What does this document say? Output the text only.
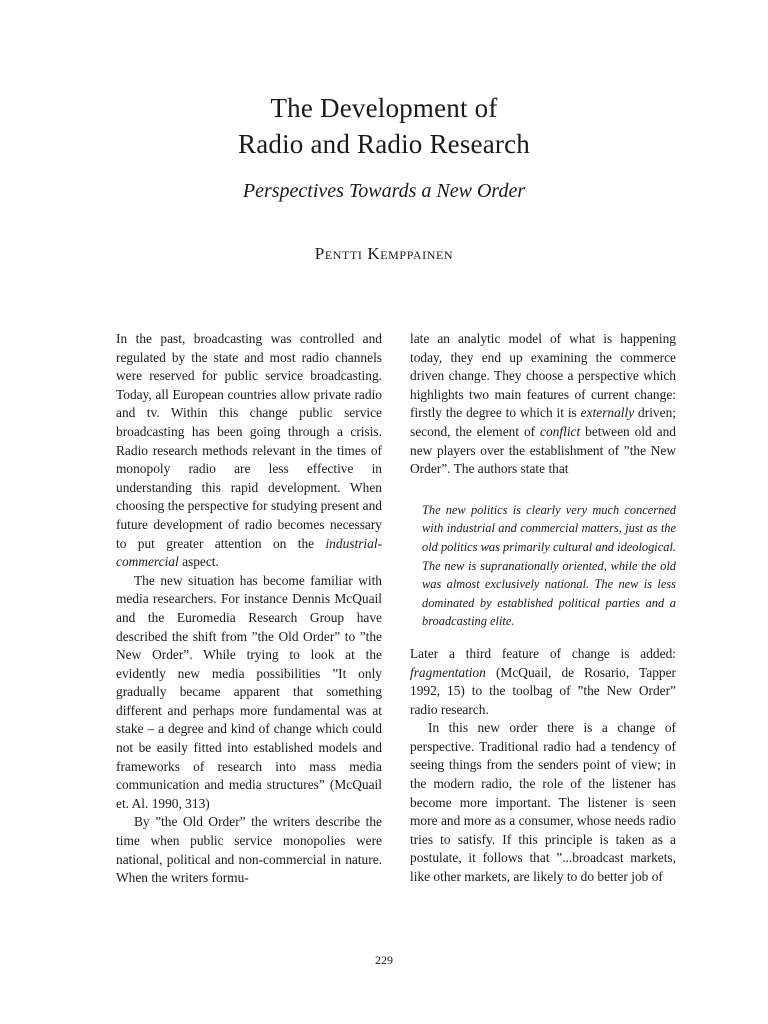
The Development of
Radio and Radio Research
Perspectives Towards a New Order
Pentti Kemppainen

In the past, broadcasting was controlled and regulated by the state and most radio channels were reserved for public service broadcasting. Today, all European countries allow private radio and tv. Within this change public service broadcasting has been going through a crisis. Radio research methods relevant in the times of monopoly radio are less effective in understanding this rapid development. When choosing the perspective for studying present and future development of radio becomes necessary to put greater attention on the industrial-commercial aspect.

The new situation has become familiar with media researchers. For instance Dennis McQuail and the Euromedia Research Group have described the shift from ”the Old Order” to ”the New Order”. While trying to look at the evidently new media possibilities ”It only gradually became apparent that something different and perhaps more fundamental was at stake – a degree and kind of change which could not be easily fitted into established models and frameworks of research into mass media communication and media structures” (McQuail et. Al. 1990, 313)

By ”the Old Order” the writers describe the time when public service monopolies were national, political and non-commercial in nature. When the writers formu-

late an analytic model of what is happening today, they end up examining the commerce driven change. They choose a perspective which highlights two main features of current change: firstly the degree to which it is externally driven; second, the element of conflict between old and new players over the establishment of ”the New Order”. The authors state that

The new politics is clearly very much concerned with industrial and commercial matters, just as the old politics was primarily cultural and ideological. The new is supranationally oriented, while the old was almost exclusively national. The new is less dominated by established political parties and a broadcasting elite.

Later a third feature of change is added: fragmentation (McQuail, de Rosario, Tapper 1992, 15) to the toolbag of ”the New Order” radio research.

In this new order there is a change of perspective. Traditional radio had a tendency of seeing things from the senders point of view; in the modern radio, the role of the listener has become more important. The listener is seen more and more as a consumer, whose needs radio tries to satisfy. If this principle is taken as a postulate, it follows that ”...broadcast markets, like other markets, are likely to do better job of

229
